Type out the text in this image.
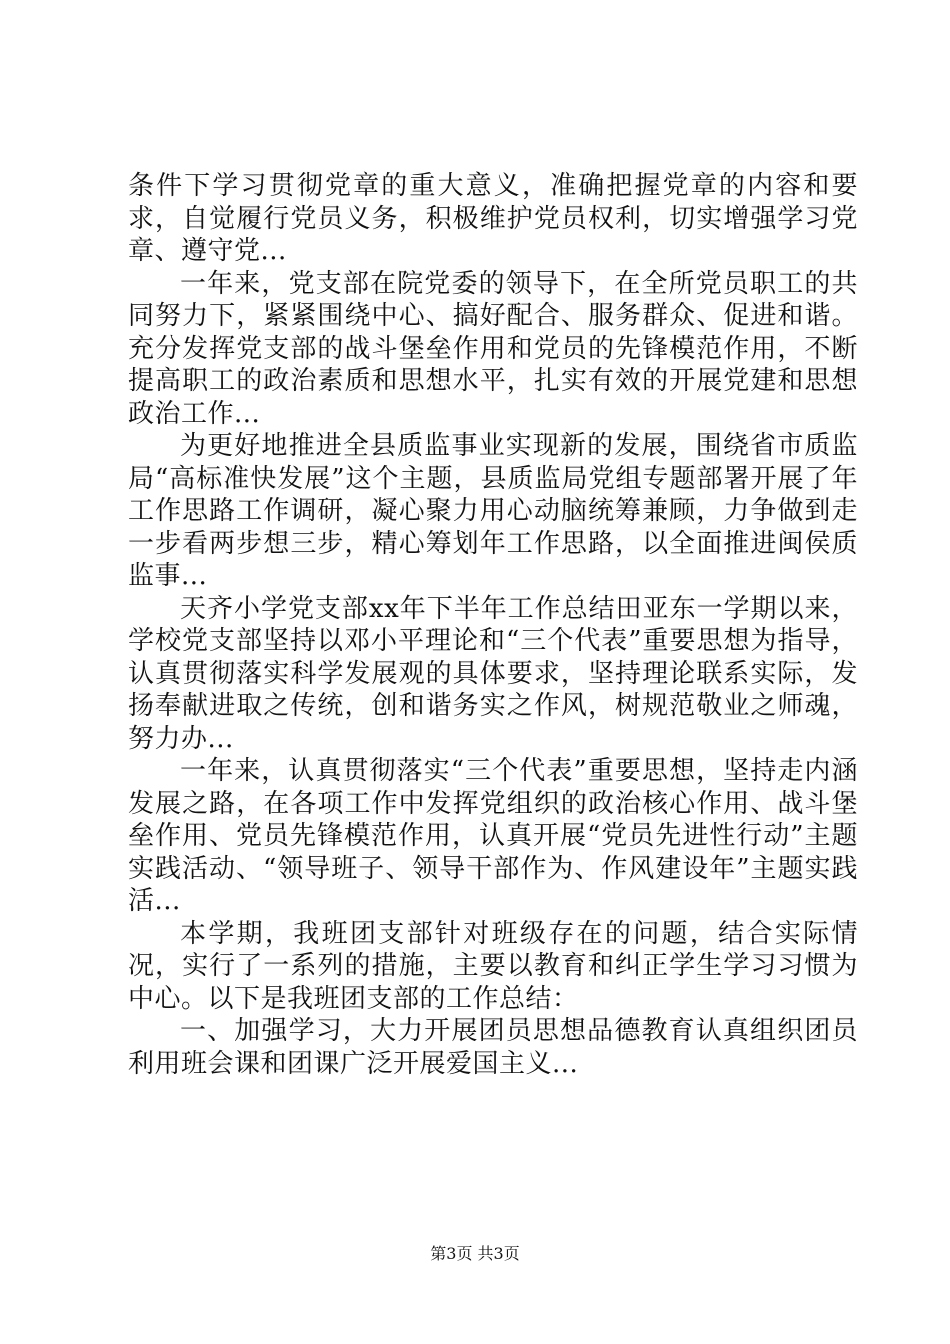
条件下学习贯彻党章的重大意义，准确把握党章的内容和要求，自觉履行党员义务，积极维护党员权利，切实增强学习党章、遵守党...

一年来，党支部在院党委的领导下，在全所党员职工的共同努力下，紧紧围绕中心、搞好配合、服务群众、促进和谐。充分发挥党支部的战斗堡垒作用和党员的先锋模范作用，不断提高职工的政治素质和思想水平，扎实有效的开展党建和思想政治工作...

为更好地推进全县质监事业实现新的发展，围绕省市质监局“高标准快发展”这个主题，县质监局党组专题部署开展了年工作思路工作调研，凝心聚力用心动脑统筹兼顾，力争做到走一步看两步想三步，精心筹划年工作思路，以全面推进闽侯质监事...

天齐小学党支部xx年下半年工作总结田亚东一学期以来，学校党支部坚持以邓小平理论和“三个代表”重要思想为指导，认真贯彻落实科学发展观的具体要求，坚持理论联系实际，发扬奉献进取之传统，创和谐务实之作风，树规范敬业之师魂，努力办...

一年来，认真贯彻落实“三个代表”重要思想，坚持走内涵发展之路，在各项工作中发挥党组织的政治核心作用、战斗堡垒作用、党员先锋模范作用，认真开展“党员先进性行动”主题实践活动、“领导班子、领导干部作为、作风建设年”主题实践活...

本学期，我班团支部针对班级存在的问题，结合实际情况，实行了一系列的措施，主要以教育和纠正学生学习习惯为中心。以下是我班团支部的工作总结：

一、加强学习，大力开展团员思想品德教育认真组织团员利用班会课和团课广泛开展爱国主义...

第3页 共3页
